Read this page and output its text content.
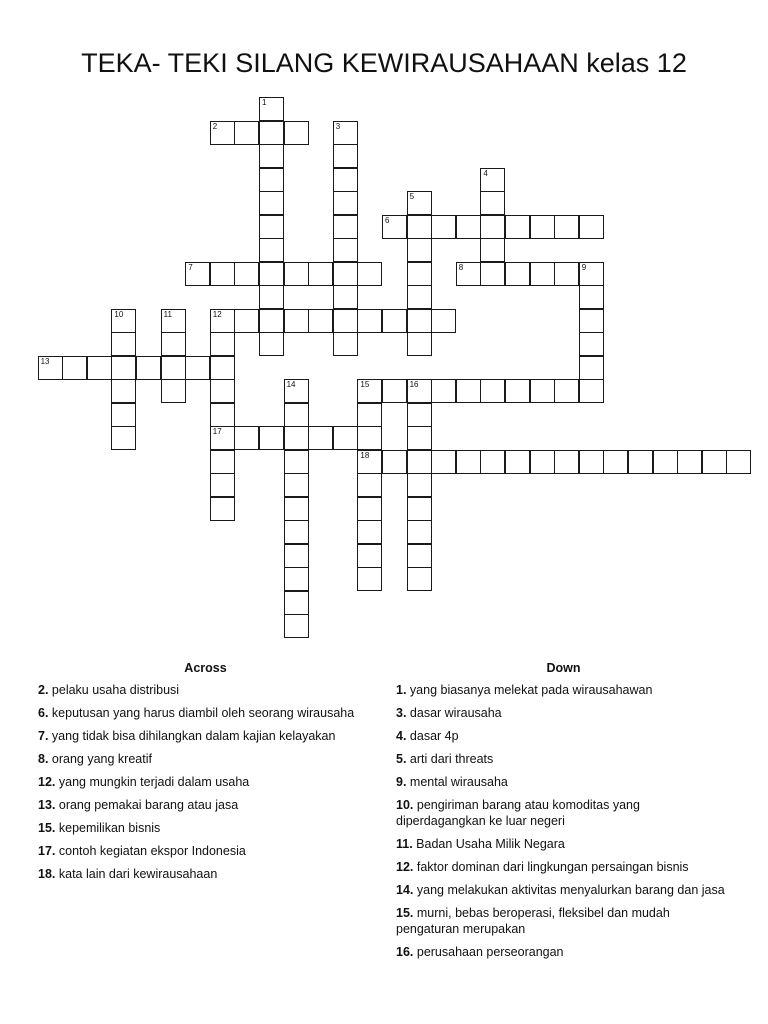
TEKA- TEKI SILANG KEWIRAUSAHAAN kelas 12
1
2	3
4
5
6
7	8	9
10	11	12
17
13
14	15	16
18
Across
2. pelaku usaha distribusi
6. keputusan yang harus diambil oleh seorang wirausaha
7. yang tidak bisa dihilangkan dalam kajian kelayakan
8. orang yang kreatif
12. yang mungkin terjadi dalam usaha
13. orang pemakai barang atau jasa
15. kepemilikan bisnis
17. contoh kegiatan ekspor Indonesia
18. kata lain dari kewirausahaan
Down
1. yang biasanya melekat pada wirausahawan
3. dasar wirausaha
4. dasar 4p
5. arti dari threats
9. mental wirausaha
10. pengiriman barang atau komoditas yang diperdagangkan ke luar negeri
11. Badan Usaha Milik Negara
12. faktor dominan dari lingkungan persaingan bisnis
14. yang melakukan aktivitas menyalurkan barang dan jasa
15. murni, bebas beroperasi, fleksibel dan mudah pengaturan merupakan
16. perusahaan perseorangan
